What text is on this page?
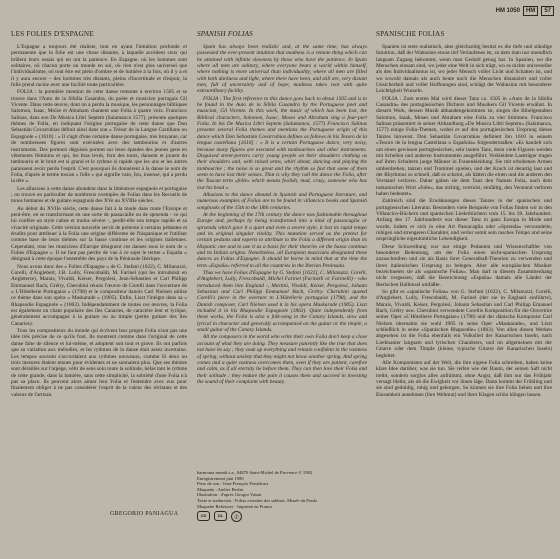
HM 1050	HM	57
LES FOLIES D'ESPAGNE

L'Espagne a toujours été réaliste, tout en ayant l'intuition profonde et permanente que la folie est une chose distante, à laquelle accèdent ceux qui brûlent leurs essais qui en ont la patience. En Espagne, où les hommes sont solitaires, où chacun porte un monde en soi, où rien n'est plus universel que l'individualisme, où tout être est plein d'ombre et de lumière à la fois, où il y a et il y aura encore – des hommes très distants, pleins d'incertitude et d'espoir, la folie prend racine avec une facilité toute particulière.

FOLIA : la première mention de cette danse remonte à environ 1505 et se trouve dans l'Auto de la Sibilla Casandra, du poète et musicien portugais Gil Vicente. Dans cette œuvre, dont on a perdu la musique, les personnages bibliques Salomon, Isaac, Moïse et Abraham chantent une Folia à quatre voix. Francisco Salinas, dans son De Musica Libri Septem (Salamanca 1577), présente quelques thèmes de Folia, en indiquant l'origine portugaise de cette danse que Don Sebastián Covarrubias définit ainsi dans son « Trésor de la Langue Castillane ou Espagnole » (1610) : « Il s'agit d'une certaine danse portugaise, très bruyante, car de nombreuses figures sont exécutées avec des tambourins et d'autres instruments. Des porteurs déguisés portent sur leurs épaules des jeunes gens en vêtements féminins et qui, les bras levés, font des tours, dansent et jouent du tambourin et le bruit est si grand et le rythme si rapide que les uns et les autres paraissent avoir perdu l'esprit. C'est pourquoi ils donnèrent à la danse le nom de Folia, d'après le terme toscan « folle » qui signifie vain, fou, insensé, qui a perdu la tête ».

Les allusions à cette danse abondent dans la littérature espagnole et portugaise ; on trouve en particulier de nombreux exemples de Folias dans les Recueils de tonos humanos et de guitare espagnols des XVe au XVIIIe siècles.

Au début du XVIIe siècle, cette danse fait à la mode dans toute l'Europe et peut-être, en se transformant en une sorte de passacaille ou de sprsenda - ce qui lui confère un style calme et moins sévère -, perdit-elle son tempo rapide et sa vivacité originale. Cette version nouvelle servit de prétexte à certains pédantes et érudits pour attribuer à la Folia une origine différente de l'hispanique et l'utiliser comme base de leurs thèmes sur la basse continue et les origines italiennes. Cependant, tous les musiciens d'Europe désignent ces danses sous le nom de « Folies d'Espagne ». Il ne faut pas perdre de vue à ce sujet le terme « Espaňa » désignait à cette époque l'ensemble des pays de la Péninsule Ibérique.

Nous avons donc des « Folies d'Espagne » de G. Stefani (1622), C. Milanuzzi, Corelli, d'Anglebert, J.B. Lully, Frescobaldi, M. Farinel (qui les introduisit en Angleterre), Marais, Vivaldi, Keiser, Pergolesi, Jean-Sébastien et Carl Philipp Emmanuel Bach, Grétry, Cherubini réunis l'œuvre de Corelli dans l'ouverture de « L'Hôtellerie Portugaise » (1798) et le compositeur danois Carl Nielsen utilise ce thème dans son opéra « Maskarade » (1905). Enfin, Liszt l'intègre dans sa « Rhapsodie Espagnole » (1863). Indépendamment de toutes ces œuvres, la Folia est également un chant populaire des îles Canaries, de caractère lent et lyrique, généralement accompagné à la guitare ou au timple (petite guitare des îles Canaries).

Tous les compositeurs du monde qui écrivent leur propre Folia n'ont pas une idée très précise de ce qu'ils font. Ils montrent comme dans l'original de cette danse faite de silence et lui-même, et adoptent soit tout et grave. Ils ont parfois que sa variation aux mélodies, et les rythmes de la danse était assez incertaine. Les tempos souvent s'accordaient aux rythmes nouveaux, comme Si deux ou trois mesures étaient tenues pour évidentes et ne sonnaient plus. Que ses thèmes sont déraillés sur l'arpège, vêtir de sens soin toute la solitude, hélas tant le rythme de cette grande, dans la lumière, sans cette simplicité, la sobriété d'une Folia n'a pas sa place. Ils peuvent alors aimer leur Folia et l'entendre avec eux pour finalement obliger à ne pas considérer l'esprit de la valeur des récitants et des valeurs de l'artisan.

GREGORIO PANIAGUA
SPANISH FOLIAS

Spain has always been realistic and, at the same time, has always possessed the ever-present intuition that madness is a remote thing which can be attained with infinite slowness by those who have the patience. In Spain where all men are solitary, where everyone bears a world within himself, where nothing is more universal than individuality, where all men are filled with both darkness and light, where there have been, and still are, very distant men, full of uncertainty and of hope, madness takes root with quite extraordinary facility.

FOLIA : The first reference to this dance goes back to about 1505 and is to be found in the Auto de la Sibila Casandra by the Portuguese poet and musician, Gil Vicente. In this work, the music of which has been lost, the Biblical characters, Solomon, Isaac, Moses and Abraham sing a four-part Folia. In his De Musica Libri Septem (Salamanca, 1577) Francisco Salinas presents several Folia themes and mentions the Portuguese origin of this dance which Don Sebastián Covarrubias defines as follows in his Tesoro de la lengua castellana [1610] : « It is a certain Portuguese dance, very noisy, because many figures are executed with tambourines and other instruments. Disguised street-porters carry young people on their shoulders clothing as their shoulders and, with raised arms, whirl about, dancing and playing the tambourine ; the noise is so great and the rhythm so fast that some of them seem to have lost their senses. That is why they call the dance the Folia, after the Tuscan term «folle» which means foolish, mad, crazy, someone who has lost his head ».

Allusions to the dance abound in Spanish and Portuguese literature, and numerous examples of Folias are to be found in villancico books and Spanish songbooks of the 15th to the 18th centuries.

At the beginning of the 17th century the dance was fashionable throughout Europe and, perhaps by being transformed into a kind of passacaglia or sprsenda which gave it a quiet and even a severe style, it lost its rapid tempo and its original singular vitality. This mutation served as the pretext for certain pedants and experts to attribute to the Folia a different origin than its Hispanic one and to use it as a basis for their theories on the basso continuo and its Italian origins. Nonetheless, all European musicians designated these dances as Folias d'Espagne. It should be borne in mind that at the time the term «España» referred to all the countries in the Iberian Peninsula.

Thus we have Folias d'Espagne by G. Stefani [1622], C. Milanuzzi, Corelli, d'Anglebert, Lully, Frescobaldi, Michel Farinel (Farinelli or Farinelli) - who introduced them into England -, Martini, Vivaldi, Keiser, Pergolesi, Johann Sebastian and Carl Philipp Emmanuel Bach, Grétry. Cherubini quoted Corelli's piece in the overture to L'Hôtellerie portugaise (1798), and the Danish composer, Carl Nielsen used it in his opera Maskarade (1905). Liszt included it in his Rhapsodie Espagnole (1863). Quite independently from these works, the Folia is also a folk-song in the Canary Islands, slow and lyrical in character and generally accompanied on the guitar or the timple, a small guitar of the Canary Islands.

All the composers in the world who write their own Folia don't keep a close account of what they are doing. They measure patiently like the true that does not have its say ; they soak up everything and remain confident in the vastness of spring, without anxiety that they might not know another spring. And spring comes and a quiet vastness overcomes them, even if they are patient, carefree and calm, as if all eternity lie before them. They can then love their Folia and their solitude ; they endure the pain it causes them and succeed in investing the sound of their complaint with beauty.

harmonia mundi s.a., 04870 Saint-Michel de Provence ℗ 1982
Enregistrement juin 1980
Prise de son : Jean-François Pontefract
Maquette : Atelier Berlin
Illustration : d'après Giorgio Vasari
Texte et traduction : Folias extraites des sabbats. Musée du Prado
Maquette Rekeisser · Imprimé en France
CD	DL	ⓡ
SPANISCHE FOLIAS

Spanien ist stets realistisch, aber gleichzeitig besitzt es die tiefe und ständige Intuition, daß der Wahnsinn etwas tief Verlaufenes ist, zu dem man nur unendlich langsam Zugang bekommt, wenn man Geduld genug hat. In Spanien, wo die Menschen einsam sind, wo jeder eine Welt in sich trägt, wo es nichts universeller als den Individualismus ist, wo jeder Mensch voller Licht und Schatten ist, und wo sowohl damals als auch heute noch die Menschen distanziert und voller Unsicherheit und voller Hoffnungen sind, schlägt der Wahnsinn mit besonderer Leichtigkeit Wurzeln.

FOLIA : Zum ersten Mal wird dieser Tanz ca. 1505 in »Auto de la Sibilla Casandra« des portugiesischen Dichters und Musikers Gil Vicente erwähnt. In diesem Werk, dessen Musik abhandengekommen ist, singen die Bibelgestalten Salomon, Isaak, Moses und Abraham eine Folia zu vier Stimmen. Francisco Salinas präsentiert in seiner Abhandlung »De Musica Libri Septem« (Salamanca, 1577) einige Folia-Themen, wobei er auf den portugiesischen Ursprung dieses Tanzes hinweist. Don Sebastián Covarrubias definiert ihn 1610 in seinem »Tesoro de la lengua Castellana o Española« folgendermaßen: »Es handelt sich um einen gewissen portugiesischen, sehr lauten Tanz, denn viele Figuren werden mit Schellen und anderen Instrumenten ausgeführt. Verkleidete Lastträger tragen auf ihren Schultern junge Männer in Frauenkleidung. Sie mit erhobenen Armen umherdrehen, tanzen und Trommel spielen, und der Krach ist derartig laut und der Rhythmus so schnell, daß es scheint, als hätten die einen und die anderen den Verstand verloren. Daher gaben sie dem Tanz den Namen Folia, nach dem toskanischen Wort »folle«, das nichtig, verrückt, einfältig, den Verstand verloren haben bedeutet«.

Zahlreich sind die Erwähnungen dieses Tanzes in der spanischen und portugiesischen Literatur. Besonders viele Beispiele von Folias finden wir in den Villancico-Büchern und spanischen Liederbüchern vom 15. bis 18. Jahrhundert. Anfang des 17. Jahrhunderts war dieser Tanz in ganz Europa in Mode und wurde, indem er sich in eine Art Passacaglia oder »Sprenda« verwandelte, ruhigen und strengeren Charakter, und verlor somit sein rasches Tempo und seine ursprüngliche eigentümliche Lebendigkeit.

Diese Schwerdtung war nur einige Pedanten und Wissenschaftler von besonderer Bedeutung, um der Folia einen nicht-spanischen Ursprung zuzuschreiben und sie als Basis ihrer Generalbaß-Theorien zu verwenden und ihren italienischen Ursprung zu belegen. Aber alle europäischen Musiker bezeichneten sie als »spanische Folias«. Man darf in diesem Zusammenhang nicht vergessen, daß die Bezeichnung »España« damals alle Länder der Iberischen Halbinsel umfaßte.

So gibt es »spanische Folias« von G. Stefani (1622), C. Milanuzzi, Corelli, d'Anglebert, Lully, Frescobaldi, M. Farinel (der sie in England einführte), Marais, Vivaldi, Keiser, Pergolesi, Johann Sebastian und Carl Philipp Emanuel Bach, Grétry usw. Cherubini verwendete Corellis Komposition für die Ouvertüre seiner Oper »L'Hôtellerie Portugaise« (1798) und der dänische Komponist Carl Nielsen übernahm sie wohl 1905 in seine Oper »Maskarade«, und Liszt schließlich in seine »Spanischen Rhapsodie« (1863). Von allen diesen Werken abgesehen ist die Folia ebenfalls ein Volkslied der Kanarischen Inseln, nach Liedmanier langsam und lyrischen Charakters, und im allgemeinen mit der Gitarre oder dem Timple (kleine, typische Gitarre der Kanarischen Inseln) begleitet.

Alle Komponisten auf der Welt, die ihre eigene Folia schreiben, haben keine klare Idee darüber, was sie tun. Sie reifen wie der Baum, der seinen Saft nicht treibt, sondern sorglos alles aufnimmt, ohne Angst, daß ihm nur das Frühjahr versagt bleibt, als ob die Ewigkeit vor ihnen läge. Dann kommt der Frühling und sie sind geduldig, ruhig und geborgen. So können sie ihre Folia lieben und ihre Einsamkeit annehmen (ihre Wehmut) und ihrer Klagen schön klingen lassen.
